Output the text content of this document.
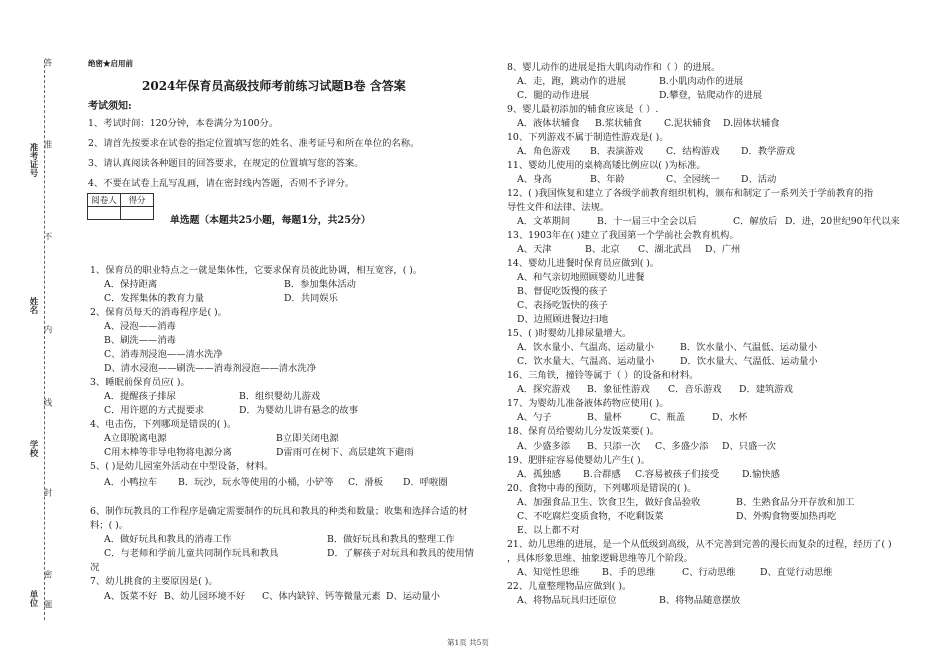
答
准
不
内
线
封
密
题
准考证号
姓名
学校
单位
绝密★启用前
2024年保育员高级技师考前练习试题B卷 含答案
考试须知:
1、考试时间：120分钟，本卷满分为100分。
2、请首先按要求在试卷的指定位置填写您的姓名、准考证号和所在单位的名称。
3、请认真阅读各种题目的回答要求，在规定的位置填写您的答案。
4、不要在试卷上乱写乱画，请在密封线内答题，否则不予评分。
阅卷人	得分

单选题（本题共25小题，每题1分，共25分）
1、保育员的职业特点之一就是集体性，它要求保育员彼此协调，相互宽容，( )。
A．保持距离	B．参加集体活动
C．发挥集体的教育力量	D．共同娱乐
2、保育员每天的消毒程序是( )。
A、浸泡——消毒
B、刷洗——消毒
C、消毒剂浸泡——清水洗净
D、清水浸泡——刷洗——消毒剂浸泡——清水洗净
3、睡眠前保育员应( )。
A．提醒孩子排尿	B．组织婴幼儿游戏
C．用许愿的方式提要求	D．为婴幼儿讲有悬念的故事
4、电击伤，下列哪项是错误的( )。
A立即脱离电源	B立即关闭电源
C用木棒等非导电物将电源分离	D雷雨可在树下、高层建筑下避雨
5、( )是幼儿园室外活动在中型设备，材料。
A．小鸭拉车 B．玩沙，玩水等使用的小桶，小铲等 C．滑板 D．呼啦圈
6、制作玩教具的工作程序是确定需要制作的玩具和教具的种类和数量；收集和选择合适的材
料；( )。
A．做好玩具和教具的消毒工作	B．做好玩具和教具的整理工作
C．与老师和学前儿童共同制作玩具和教具	D．了解孩子对玩具和教具的使用情
况
7、幼儿挑食的主要原因是( )。
A、饭菜不好 B、幼儿园环境不好 C、体内缺锌、钙等微量元素 D、运动量小
8、婴儿动作的进展是指大肌肉动作和（ ）的进展。
A．走，跑，跳动作的进展	B.小肌肉动作的进展
C．腿的动作进展	D.攀登，钻爬动作的进展
9、婴儿最初添加的辅食应该是（ ）.
A．液体状辅食 B.浆状辅食 C.泥状辅食 D.固体状辅食
10、下列游戏不属于制造性游戏是( )。
A．角色游戏 B．表演游戏 C．结构游戏 D．教学游戏
11、婴幼儿使用的桌椅高矮比例应以( )为标准。
A、身高	B、年龄	C、全园统一 D、活动
12、( )我国恢复和建立了各级学前教育组织机构，颁布和制定了一系列关于学前教育的指
导性文件和法律、法规。
A．文革期间	B．十一届三中全会以后	C．解放后 D．进，20世纪90年代以来
13、1903年在( )建立了我国第一个学前社会教育机构。
A、天津	B、北京 C、湖北武昌 D、广州
14、婴幼儿进餐时保育员应做到( )。
A、和气亲切地照顾婴幼儿进餐
B、督促吃饭慢的孩子
C、表扬吃饭快的孩子
D、边照顾进餐边扫地
15、( )时婴幼儿排尿量增大。
A．饮水量小、气温高、运动量小	B．饮水量小、气温低、运动量小
C．饮水量大、气温高、运动量小	D．饮水量大、气温低、运动量小
16、三角铁，撞铃等属于（ ）的设备和材料。
A．探究游戏 B．象征性游戏 C．音乐游戏 D．建筑游戏
17、为婴幼儿准备液体药物应使用( )。
A、勺子	B、量杯	C、瓶盖	D、水杯
18、保育员给婴幼儿分发饭菜要( )。
A、少盛多添 B、只添一次 C、多盛少添 D、只盛一次
19、肥胖症容易使婴幼儿产生( )。
A．孤独感 B.合群感 C.容易被孩子们接受 D.愉快感
20、食物中毒的预防，下列哪项是错误的( )。
A、加强食品卫生、饮食卫生，做好食品验收	B、生熟食品分开存放和加工
C、不吃腐烂变质食物，不吃剩饭菜	D、外购食物要加热再吃
E、以上都不对
21、幼儿思维的进展，是一个从低级到高级，从不完善到完善的漫长而复杂的过程，经历了( )
，具体形象思维、抽象逻辑思维等几个阶段。
A、知觉性思维 B、手的思维	C、行动思维	D、直觉行动思维
22、儿童整理物品应做到( )。
A、将物品玩具归还原位	B、将物品随意摆放
第1页 共5页
